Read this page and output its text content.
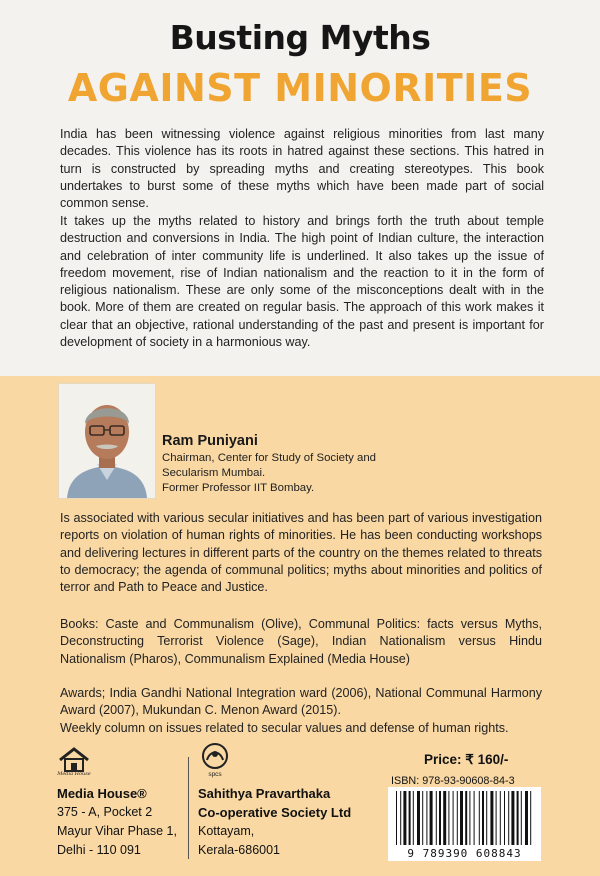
Busting Myths
AGAINST MINORITIES
India has been witnessing violence against religious minorities from last many decades. This violence has its roots in hatred against these sections. This hatred in turn is constructed by spreading myths and creating stereotypes. This book undertakes to burst some of these myths which have been made part of social common sense.
It takes up the myths related to history and brings forth the truth about temple destruction and conversions in India. The high point of Indian culture, the interaction and celebration of inter community life is underlined. It also takes up the issue of freedom movement, rise of Indian nationalism and the reaction to it in the form of religious nationalism. These are only some of the misconceptions dealt with in the book. More of them are created on regular basis. The approach of this work makes it clear that an objective, rational understanding of the past and present is important for development of society in a harmonious way.
Ram Puniyani
Chairman, Center for Study of Society and
Secularism Mumbai.
Former Professor IIT Bombay.
Is associated with various secular initiatives and has been part of various investigation reports on violation of human rights of minorities. He has been conducting workshops and delivering lectures in different parts of the country on the themes related to threats to democracy; the agenda of communal politics; myths about minorities and politics of terror and Path to Peace and Justice.
Books: Caste and Communalism (Olive), Communal Politics: facts versus Myths, Deconstructing Terrorist Violence (Sage), Indian Nationalism versus Hindu Nationalism (Pharos), Communalism Explained (Media House)
Awards; India Gandhi National Integration ward (2006), National Communal Harmony Award (2007), Mukundan C. Menon Award (2015).
Weekly column on issues related to secular values and defense of human rights.
Media House
Media House®
375 - A, Pocket 2
Mayur Vihar Phase 1,
Delhi - 110 091
spcs
Sahithya Pravarthaka
Co-operative Society Ltd
Kottayam,
Kerala-686001
Price: ₹ 160/-
ISBN: 978-93-90608-84-3
9 789390 608843
